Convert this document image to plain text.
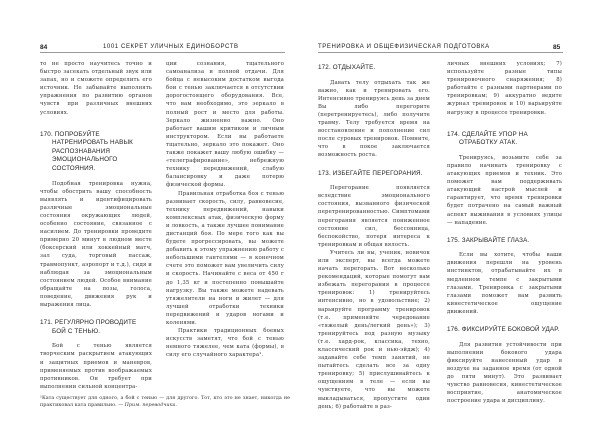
84	1001 СЕКРЕТ УЛИЧНЫХ ЕДИНОБОРСТВ

то не просто научитесь точно и быстро засекать отдельный звук или запах, но и сможете определить его источник. Не забывайте выполнять упражнения по развитию органов чувств при различных внешних условиях.

170. ПОПРОБУЙТЕ НАТРЕНИРОВАТЬ НАВЫК РАСПОЗНАВАНИЯ ЭМОЦИОНАЛЬНОГО СОСТОЯНИЯ.

Подобная тренировка нужна, чтобы обострить вашу способность выявлять и идентифицировать различные эмоциональные состояния окружающих людей, особенно состояние, связанное с насилием. До тренировки проведите примерно 20 минут в людном месте (боксерский или хоккейный матч, зал суда, торговый пассаж, травмопункт, аэропорт и т.д.), сидя и наблюдая за эмоциональным состоянием людей. Особое внимание обращайте на позы, голоса, поведение, движения рук и выражения лица.

171. РЕГУЛЯРНО ПРОВОДИТЕ БОЙ С ТЕНЬЮ.

Бой с тенью является творческим раскрытием атакующих и защитных приемов и маневров, применяемых против воображаемых противников. Он требует при выполнении сильной концентра-

ции сознания, тщательного самоанализа и полной отдачи. Для бойца с невысоким достатком выгода бои с тенью заключается в отсутствии дорогостоящего оборудования. Все, что вам необходимо, это зеркало в полный рост и место для работы. Зеркало жизненно важно. Оно работает вашим критиком и личным инструктором. Если вы работаете тщательно, зеркало это покажет. Оно также покажет вашу любую ошибку — «телеграфирование», небрежную технику передвижений, слабую балансировку и даже потерю физической формы.

Правильная отработка боя с тенью развивает скорость, силу, равновесие, технику передвижений, навыки комплексных атак, физическую форму и ловкость, а также лучшее понимание дистанций боя. По мере того как вы будете прогрессировать, вы можете добавить к этому упражнению работу с небольшими гантелями — в конечном счете это поможет вам увеличить силу и скорость. Начинайте с веса от 450 г до 1,35 кг и постепенно повышайте нагрузку. Вы также можете надевать утяжелители на ноги и жилет — для лучшей отработки техники передвижений и ударов ногами и коленями.

Практики традиционных боевых искусств заметят, что бой с тенью немного тяжелее, чем ката (формы), в силу его случайного характера¹.

¹Ката существует для одного, а бой с тенью — для другого. Тот, кто это не знает, никогда не практиковал ката правильно. — Прим. переводчика.
ТРЕНИРОВКА И ОБЩЕФИЗИЧЕСКАЯ ПОДГОТОВКА	85
172. ОТДЫХАЙТЕ.

Давать телу отдыхать так же важно, как и тренировать его. Интенсивно тренируясь день за днем Вы либо перегорите (перетренируетесь), либо получите травму. Телу требуется время на восстановление и пополнение сил после суровых тренировок. Помните, что в покое заключается возможность роста.

173. ИЗБЕГАЙТЕ ПЕРЕГОРАНИЯ.

Перегорание появляется вследствие эмоционального состояния, вызванного физической перетренированностью. Симптомами перегорания является пониженное состояние сил, бессонница, беспокойство, потеря интереса к тренировкам и общая вялость.

Учитесь ли вы, ученик, новичок или эксперт, вы всегда можете начать перегорать. Вот несколько рекомендаций, которые помогут вам избежать перегорания в процессе тренировок: 1) тренируйтесь интенсивно, но в удовольствие; 2) варьируйте программу тренировок (т.е. применяйте чередование «тяжелый день/легкий день»); 3) тренируйтесь под разную музыку (т.е. хард-рок, классика, техно, классический рок и нью-эйдж); 4) задавайте себе темп занятий, не пытайтесь сделать все за одну тренировку; 5) прислушивайтесь к ощущениям в теле — если вы чувствуете, что вы можете выкладываться, пропустите один день; 6) работайте в раз-

личных внешних условиях; 7) используйте разные типы тренировочного снаряжения; 8) работайте с разными партнерами по тренировкам; 9) аккуратно ведите журнал тренировок и 10) варьируйте нагрузку в процессе тренировки.

174. СДЕЛАЙТЕ УПОР НА ОТРАБОТКУ АТАК.

Тренируясь, возьмите себе за правило начинать тренировку с атакующих приемов и техник. Это поможет вам поддерживать атакующий настрой мыслей и гарантирует, что время тренировки будет потрачено на самый важный аспект выживания в условиях улицы — нападение.

175. ЗАКРЫВАЙТЕ ГЛАЗА.

Если вы хотите, чтобы ваши движения перешли на уровень инстинктов, отрабатывайте их в медленном темпе с закрытыми глазами. Тренировка с закрытыми глазами поможет вам развить кинестетическое ощущение движений.

176. ФИКСИРУЙТЕ БОКОВОЙ УДАР.

Для развития устойчивости при выполнении бокового удара фиксируйте нанесенный удар в воздухе на заданное время (от одной до пяти минут). Это развивает чувство равновесия, кинестетическое восприятие, анатомическое построение удара и дисциплину.
